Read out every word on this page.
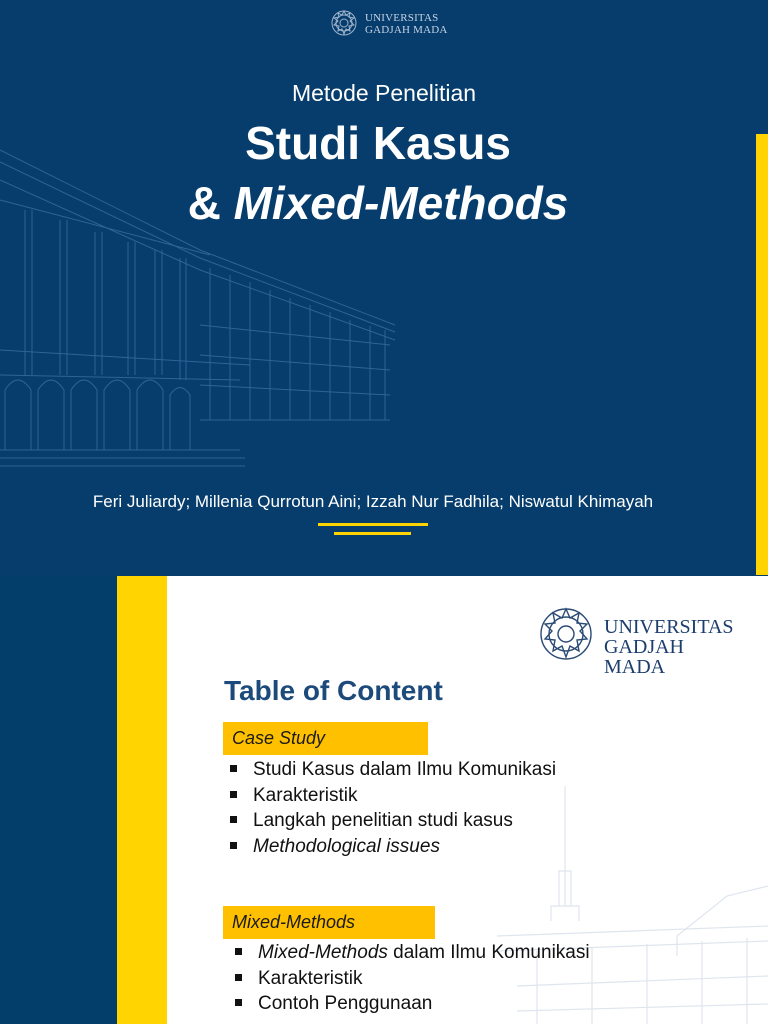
UNIVERSITAS
GADJAH MADA
Metode Penelitian
Studi Kasus
& Mixed-Methods
Feri Juliardy; Millenia Qurrotun Aini; Izzah Nur Fadhila; Niswatul Khimayah
UNIVERSITAS
GADJAH MADA
Table of Content
Case Study
Studi Kasus dalam Ilmu Komunikasi
Karakteristik
Langkah penelitian studi kasus
Methodological issues
Mixed-Methods
Mixed-Methods dalam Ilmu Komunikasi
Karakteristik
Contoh Penggunaan
